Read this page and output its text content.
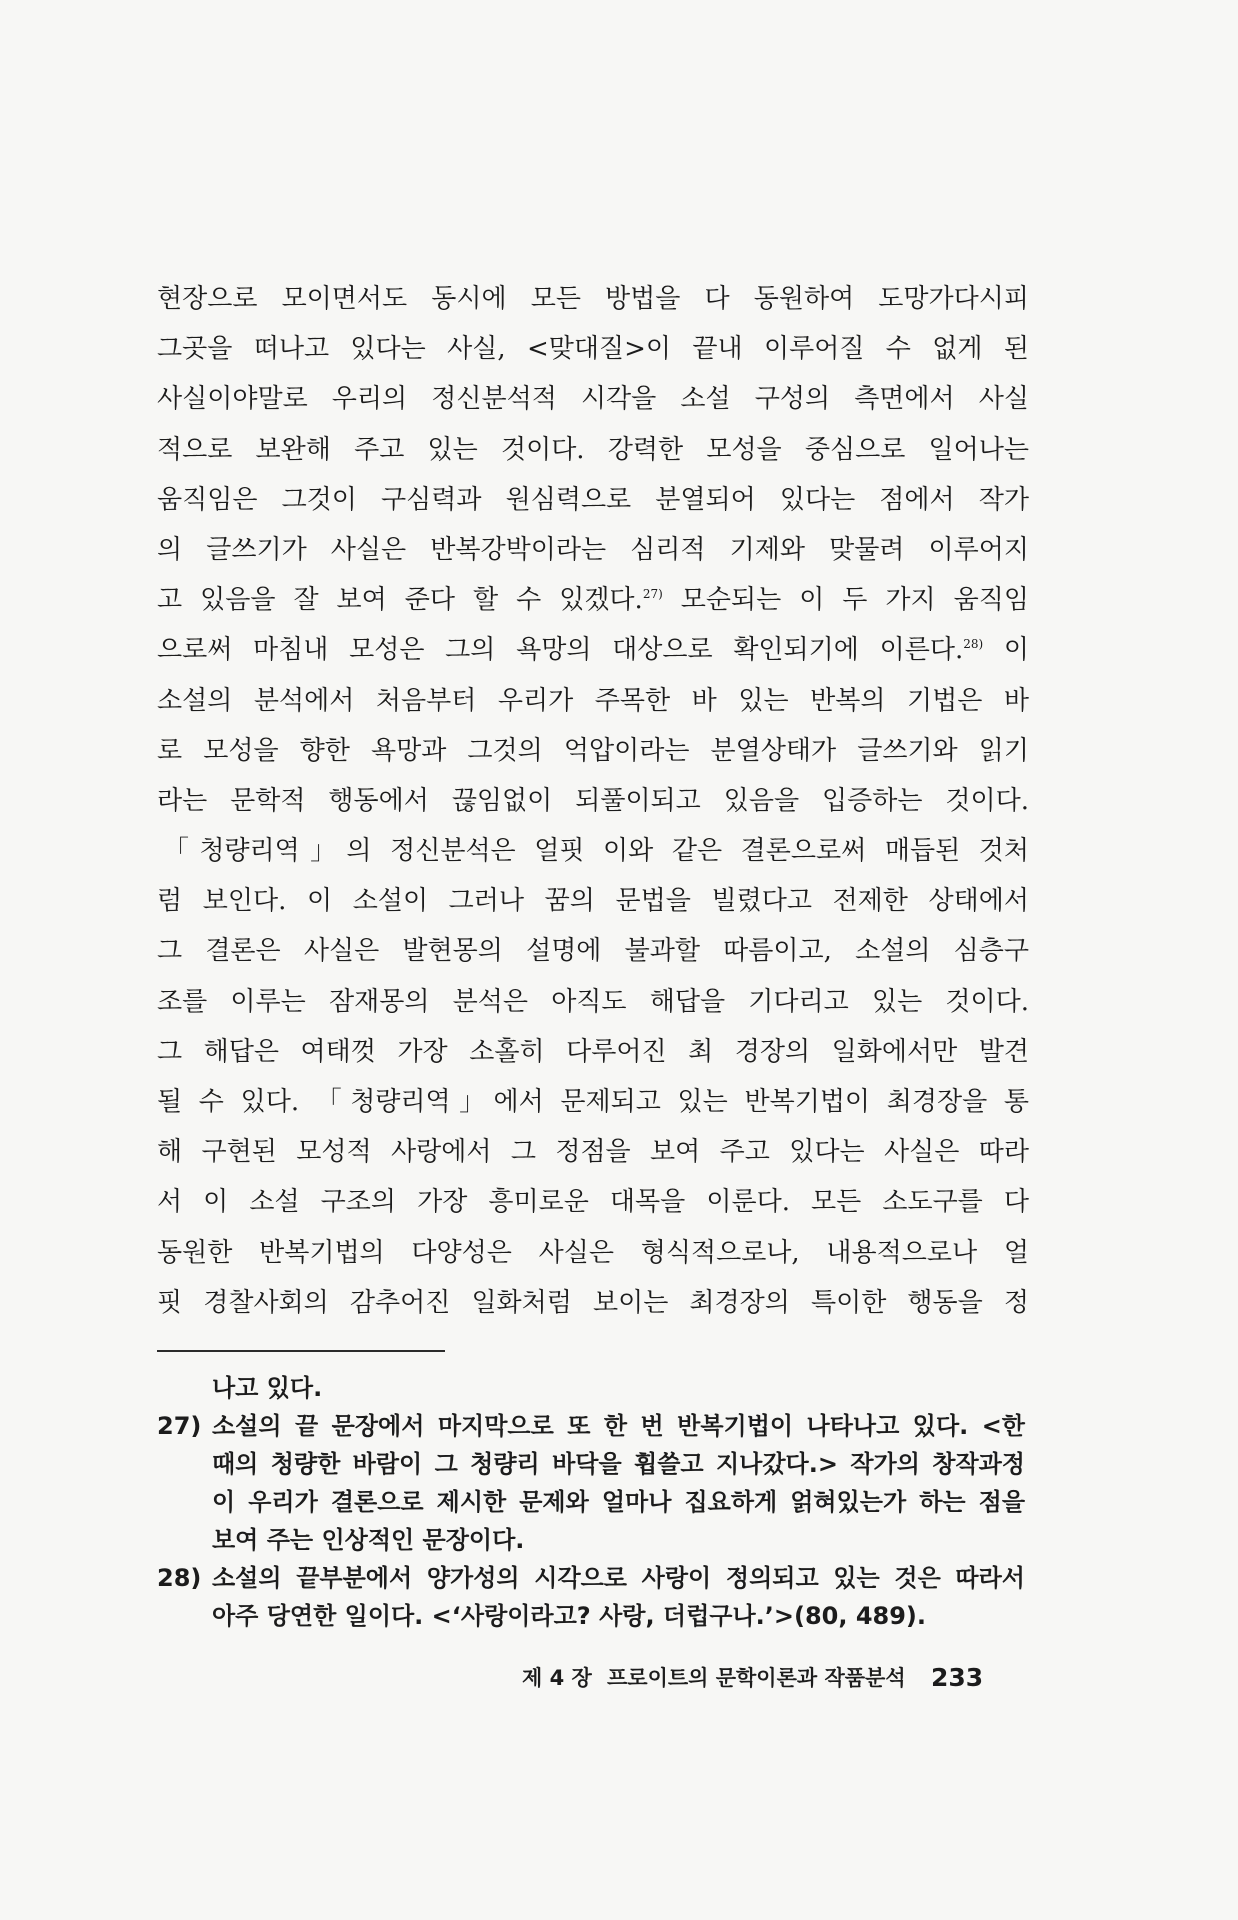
현장으로 모이면서도 동시에 모든 방법을 다 동원하여 도망가다시피
그곳을 떠나고 있다는 사실, <맞대질>이 끝내 이루어질 수 없게 된
사실이야말로 우리의 정신분석적 시각을 소설 구성의 측면에서 사실
적으로 보완해 주고 있는 것이다. 강력한 모성을 중심으로 일어나는
움직임은 그것이 구심력과 원심력으로 분열되어 있다는 점에서 작가
의 글쓰기가 사실은 반복강박이라는 심리적 기제와 맞물려 이루어지
고 있음을 잘 보여 준다 할 수 있겠다.$^{27)}$ 모순되는 이 두 가지 움직임
으로써 마침내 모성은 그의 욕망의 대상으로 확인되기에 이른다.$^{28)}$ 이
소설의 분석에서 처음부터 우리가 주목한 바 있는 반복의 기법은 바
로 모성을 향한 욕망과 그것의 억압이라는 분열상태가 글쓰기와 읽기
라는 문학적 행동에서 끊임없이 되풀이되고 있음을 입증하는 것이다.
「청량리역」의 정신분석은 얼핏 이와 같은 결론으로써 매듭된 것처
럼 보인다. 이 소설이 그러나 꿈의 문법을 빌렸다고 전제한 상태에서
그 결론은 사실은 발현몽의 설명에 불과할 따름이고, 소설의 심층구
조를 이루는 잠재몽의 분석은 아직도 해답을 기다리고 있는 것이다.
그 해답은 여태껏 가장 소홀히 다루어진 최 경장의 일화에서만 발견
될 수 있다. 「청량리역」에서 문제되고 있는 반복기법이 최경장을 통
해 구현된 모성적 사랑에서 그 정점을 보여 주고 있다는 사실은 따라
서 이 소설 구조의 가장 흥미로운 대목을 이룬다. 모든 소도구를 다
동원한 반복기법의 다양성은 사실은 형식적으로나, 내용적으로나 얼
핏 경찰사회의 감추어진 일화처럼 보이는 최경장의 특이한 행동을 정
나고 있다.
27) 소설의 끝 문장에서 마지막으로 또 한 번 반복기법이 나타나고 있다. <한
때의 청량한 바람이 그 청량리 바닥을 휩쓸고 지나갔다.> 작가의 창작과정
이 우리가 결론으로 제시한 문제와 얼마나 집요하게 얽혀있는가 하는 점을
보여 주는 인상적인 문장이다.
28) 소설의 끝부분에서 양가성의 시각으로 사랑이 정의되고 있는 것은 따라서
아주 당연한 일이다. <‘사랑이라고? 사랑, 더럽구나.’>(80, 489).
제 4 장 프로이트의 문학이론과 작품분석 233
